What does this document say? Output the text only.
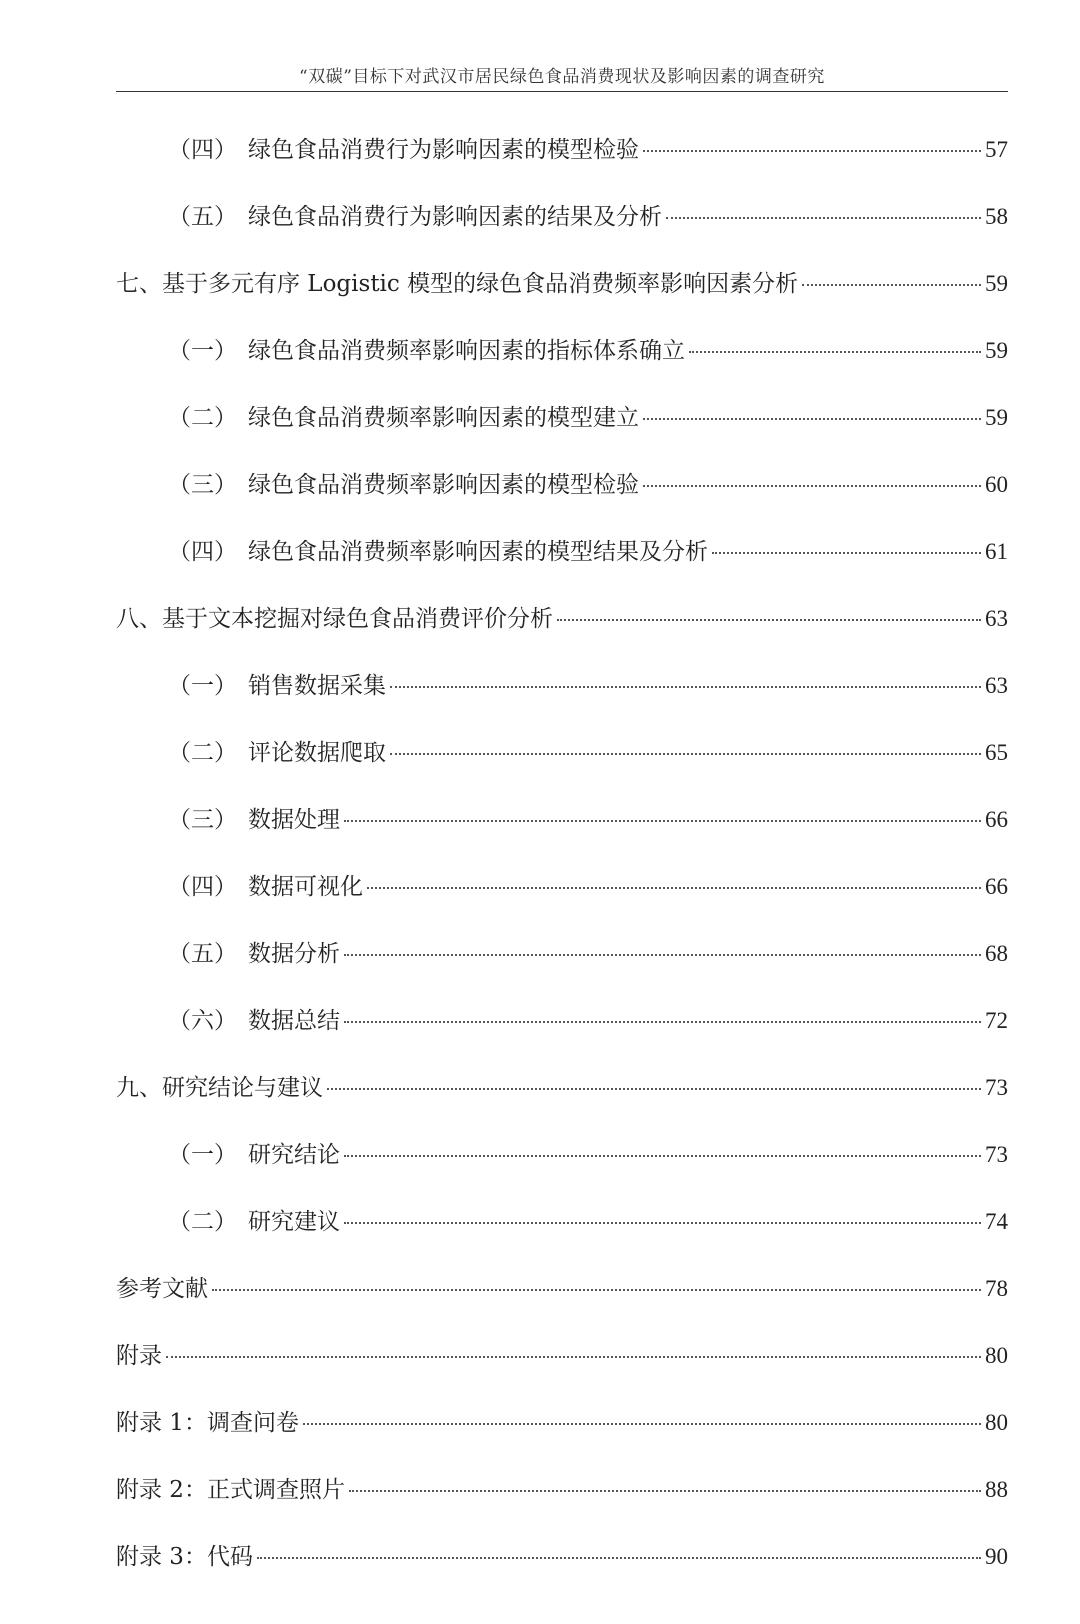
“双碳”目标下对武汉市居民绿色食品消费现状及影响因素的调查研究
（四） 绿色食品消费行为影响因素的模型检验	57
（五） 绿色食品消费行为影响因素的结果及分析	58
七、 基于多元有序 Logistic 模型的绿色食品消费频率影响因素分析	59
（一） 绿色食品消费频率影响因素的指标体系确立	59
（二） 绿色食品消费频率影响因素的模型建立	59
（三） 绿色食品消费频率影响因素的模型检验	60
（四） 绿色食品消费频率影响因素的模型结果及分析	61
八、 基于文本挖掘对绿色食品消费评价分析	63
（一） 销售数据采集	63
（二） 评论数据爬取	65
（三） 数据处理	66
（四） 数据可视化	66
（五） 数据分析	68
（六） 数据总结	72
九、 研究结论与建议	73
（一） 研究结论	73
（二） 研究建议	74
参考文献	78
附录	80
附录 1：调查问卷	80
附录 2：正式调查照片	88
附录 3：代码	90
